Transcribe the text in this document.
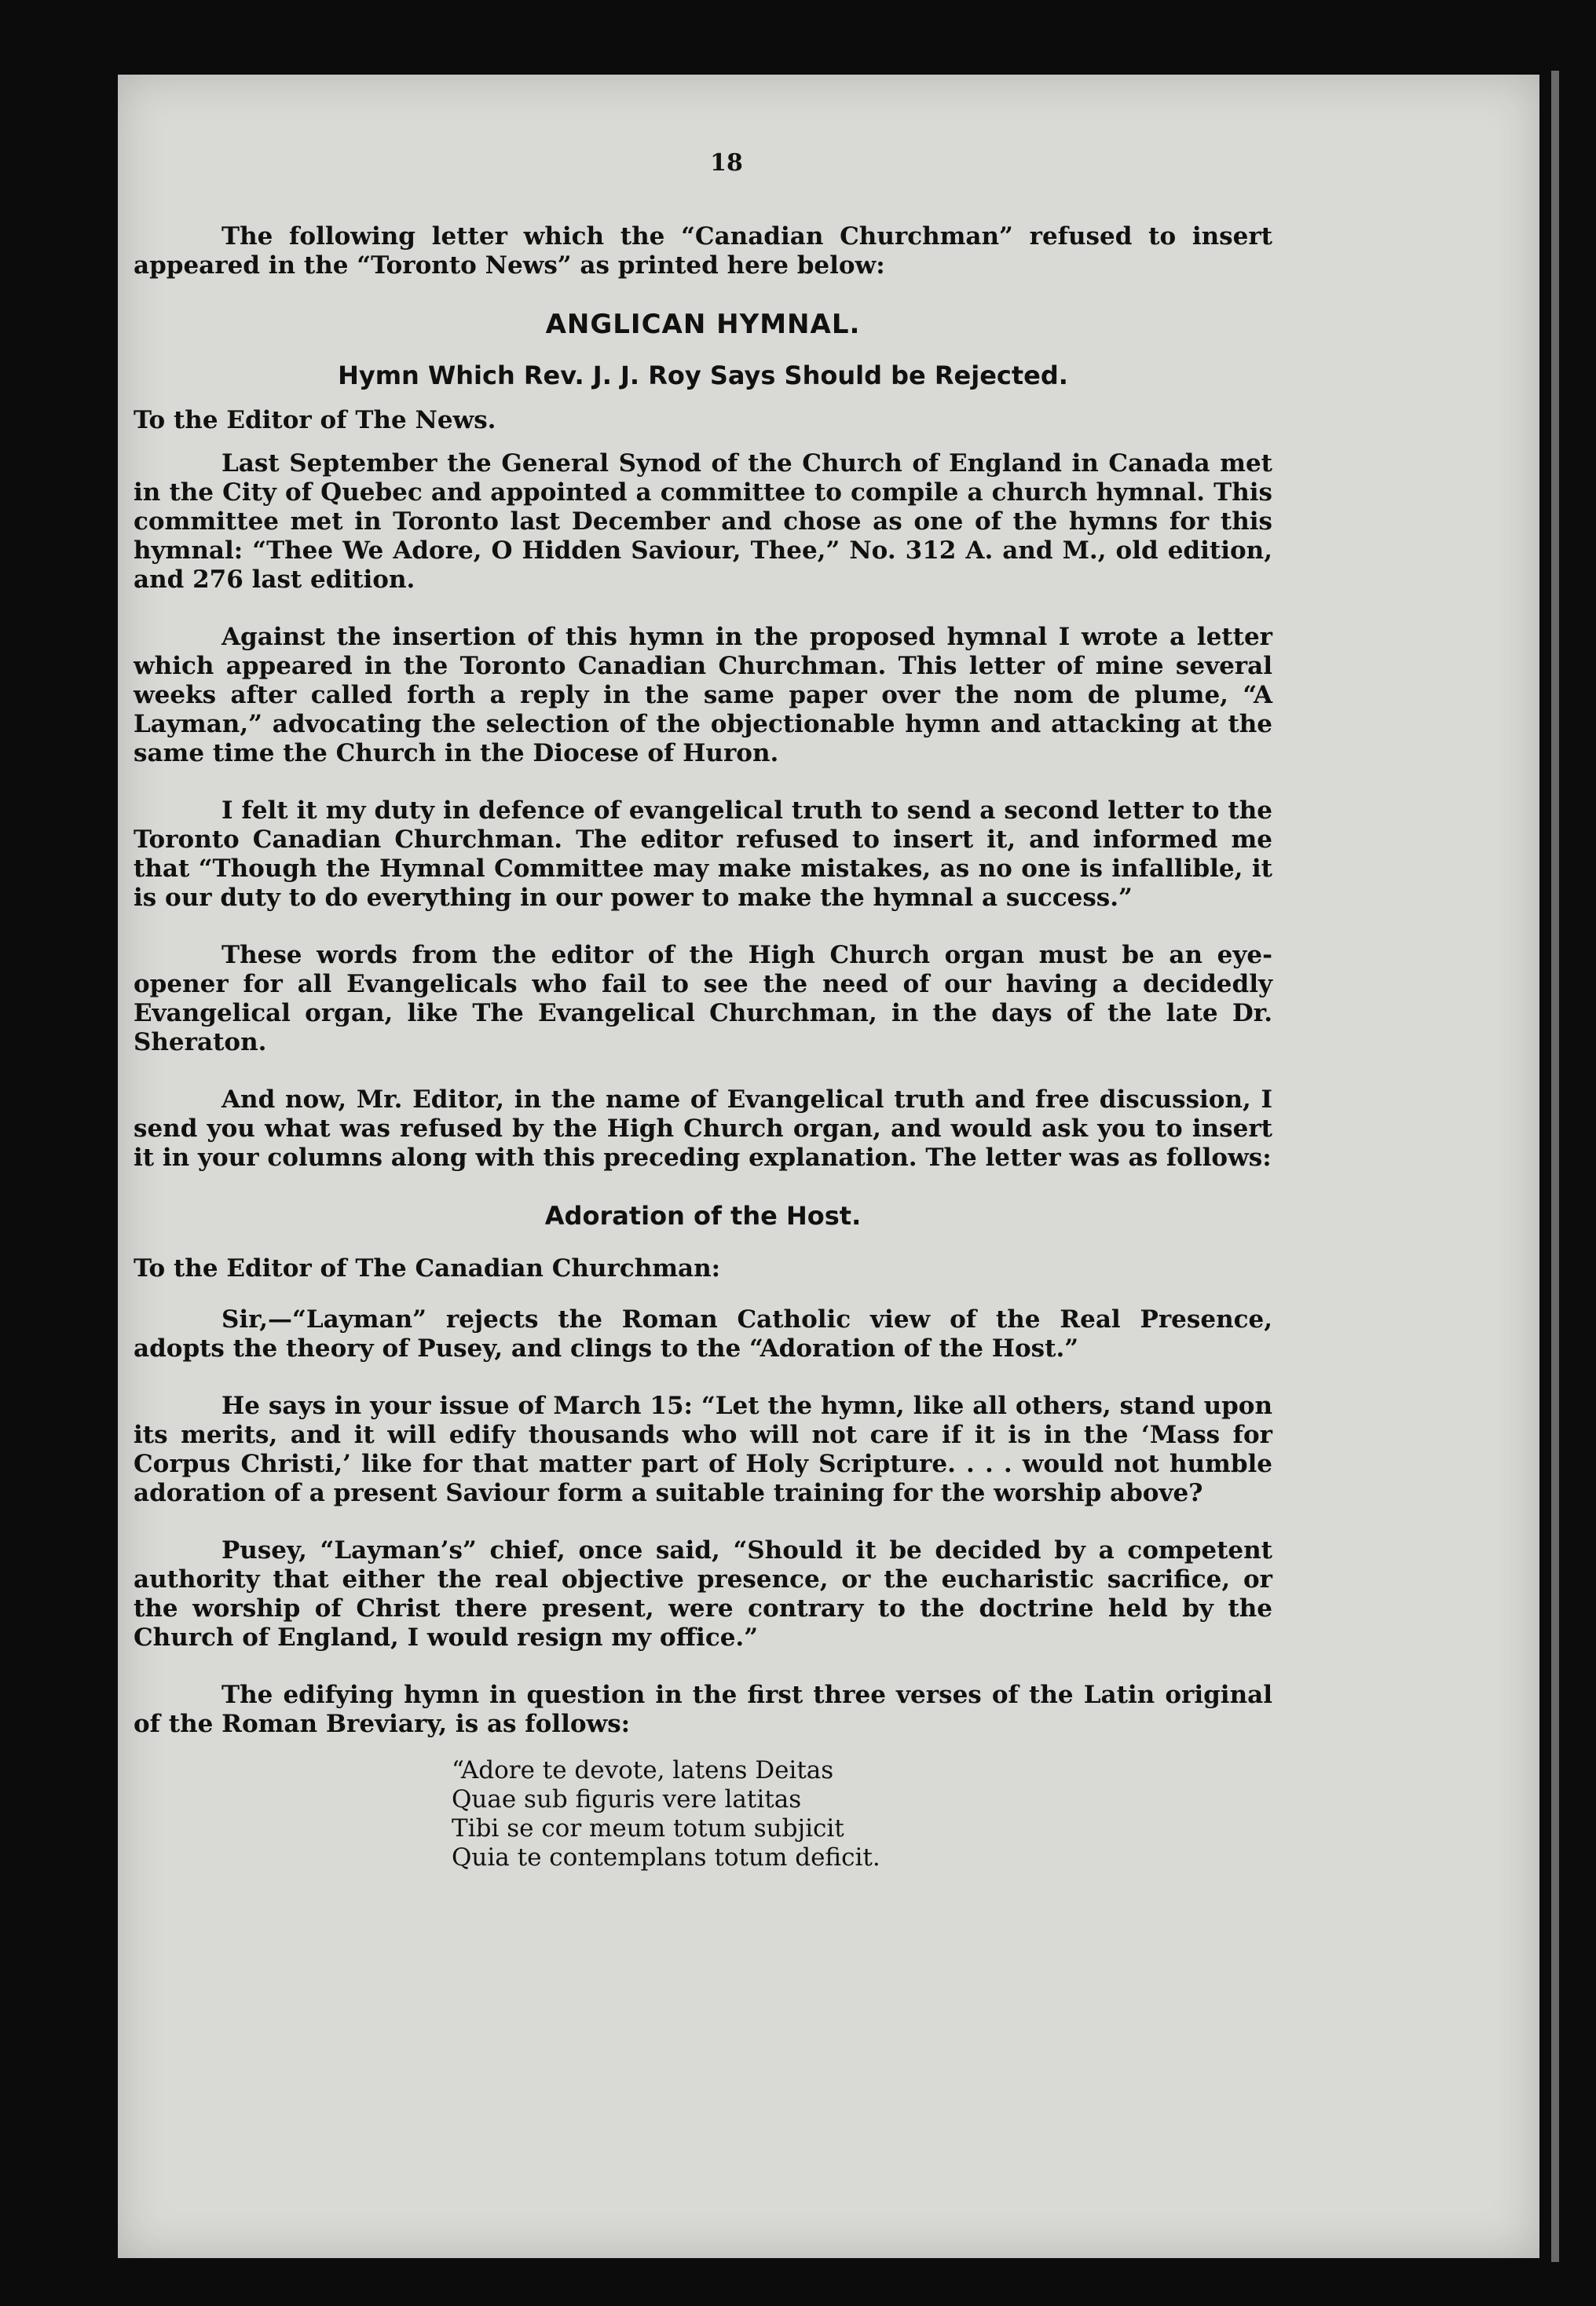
18

The following letter which the “Canadian Churchman” refused to insert appeared in the “Toronto News” as printed here below:

ANGLICAN HYMNAL.
Hymn Which Rev. J. J. Roy Says Should be Rejected.
To the Editor of The News.

Last September the General Synod of the Church of England in Canada met in the City of Quebec and appointed a committee to compile a church hymnal. This committee met in Toronto last December and chose as one of the hymns for this hymnal: “Thee We Adore, O Hidden Saviour, Thee,” No. 312 A. and M., old edition, and 276 last edition.

Against the insertion of this hymn in the proposed hymnal I wrote a letter which appeared in the Toronto Canadian Churchman. This letter of mine several weeks after called forth a reply in the same paper over the nom de plume, “A Layman,” advocating the selection of the objectionable hymn and attacking at the same time the Church in the Diocese of Huron.

I felt it my duty in defence of evangelical truth to send a second letter to the Toronto Canadian Churchman. The editor refused to insert it, and informed me that “Though the Hymnal Committee may make mistakes, as no one is infallible, it is our duty to do everything in our power to make the hymnal a success.”

These words from the editor of the High Church organ must be an eye-opener for all Evangelicals who fail to see the need of our having a decidedly Evangelical organ, like The Evangelical Churchman, in the days of the late Dr. Sheraton.

And now, Mr. Editor, in the name of Evangelical truth and free discussion, I send you what was refused by the High Church organ, and would ask you to insert it in your columns along with this preceding explanation. The letter was as follows:

Adoration of the Host.
To the Editor of The Canadian Churchman:

Sir,—“Layman” rejects the Roman Catholic view of the Real Presence, adopts the theory of Pusey, and clings to the “Adoration of the Host.”

He says in your issue of March 15: “Let the hymn, like all others, stand upon its merits, and it will edify thousands who will not care if it is in the ‘Mass for Corpus Christi,’ like for that matter part of Holy Scripture. . . . would not humble adoration of a present Saviour form a suitable training for the worship above?

Pusey, “Layman’s” chief, once said, “Should it be decided by a competent authority that either the real objective presence, or the eucharistic sacrifice, or the worship of Christ there present, were contrary to the doctrine held by the Church of England, I would resign my office.”

The edifying hymn in question in the first three verses of the Latin original of the Roman Breviary, is as follows:

“Adore te devote, latens Deitas
Quae sub figuris vere latitas
Tibi se cor meum totum subjicit
Quia te contemplans totum deficit.
